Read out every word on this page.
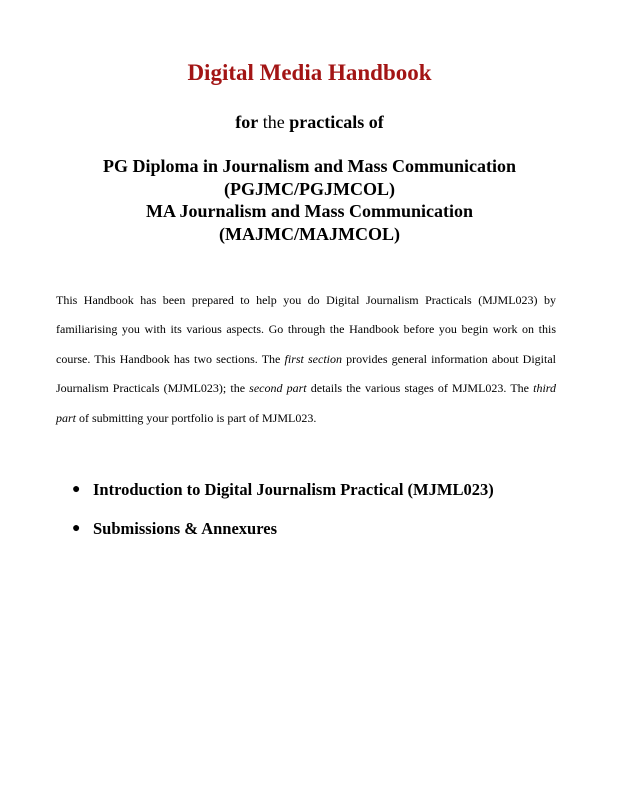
Digital Media Handbook

for the practicals of

PG Diploma in Journalism and Mass Communication
(PGJMC/PGJMCOL)
MA Journalism and Mass Communication
(MAJMC/MAJMCOL)

This Handbook has been prepared to help you do Digital Journalism Practicals (MJML023) by familiarising you with its various aspects. Go through the Handbook before you begin work on this course. This Handbook has two sections. The first section provides general information about Digital Journalism Practicals (MJML023); the second part details the various stages of MJML023. The third part of submitting your portfolio is part of MJML023.

● Introduction to Digital Journalism Practical (MJML023)
● Submissions & Annexures
